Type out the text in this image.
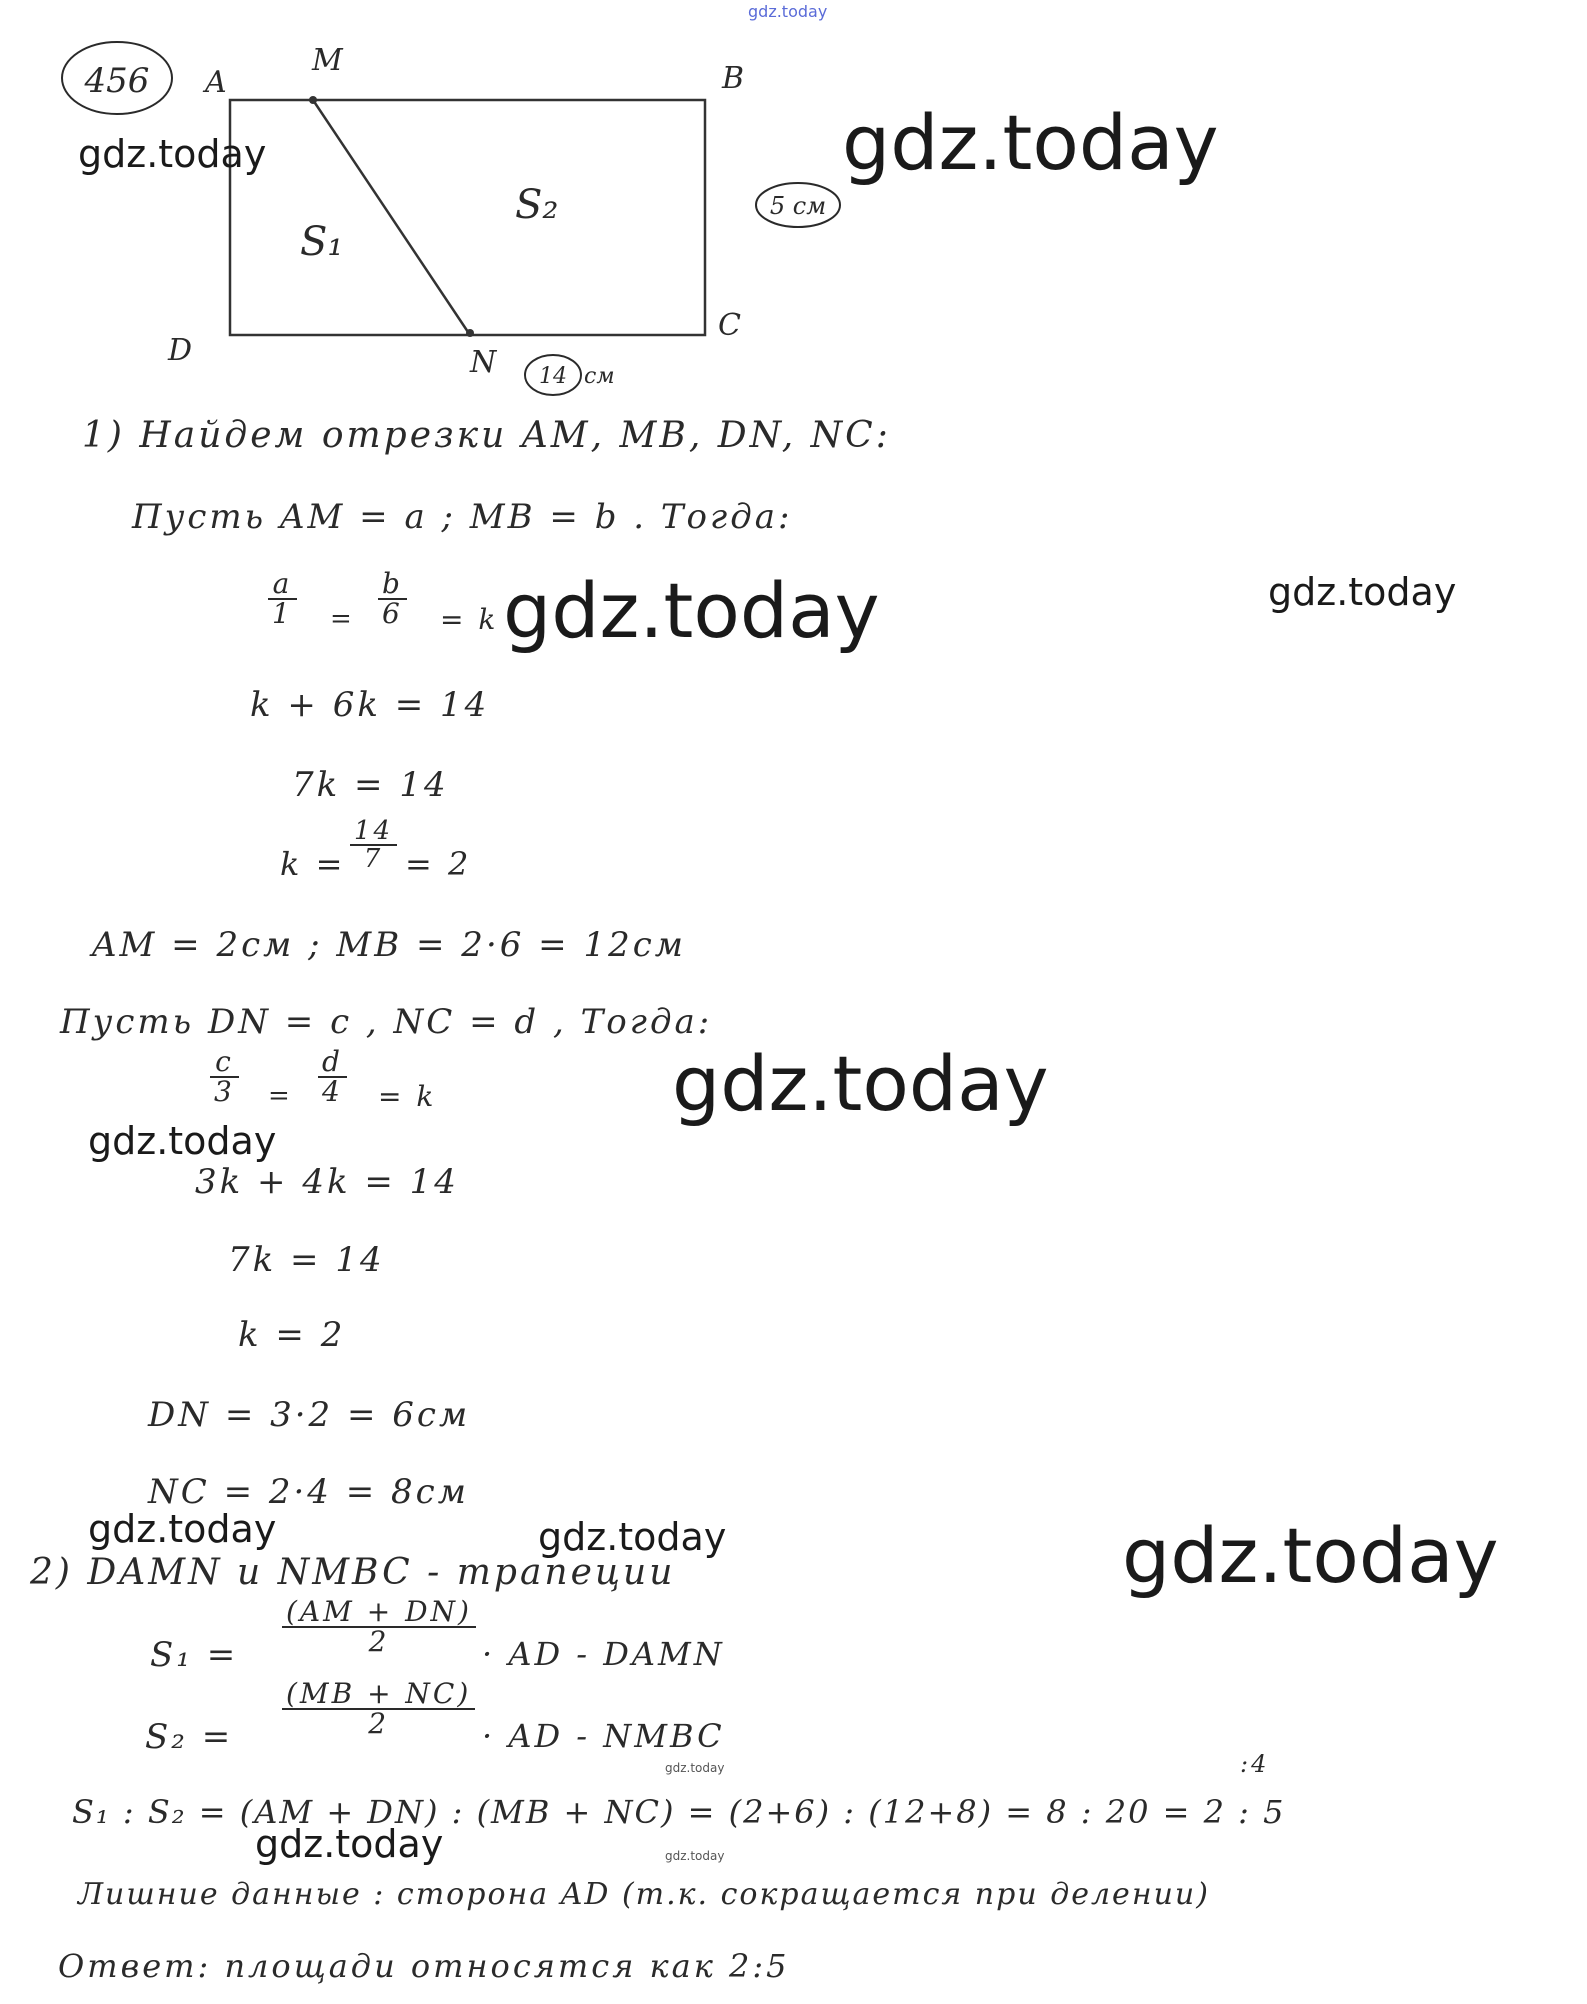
gdz.today
456 A
M
B
C
D	N
S₁
S₂	5 см
14 см
gdz.today	gdz.today
1) Найдем отрезки AM, MB, DN, NC:
Пусть AM = a ; MB = b . Тогда:
$\frac{a}{1} = \frac{b}{6} = k$ gdz.today	gdz.today
k + 6k = 14
7k = 14
$k = \frac{14}{7} = 2$
AM = 2см ; MB = 2·6 = 12см
Пусть DN = c , NC = d , Тогда:
$\frac{c}{3} = \frac{d}{4} = k$	gdz.today
gdz.today
3k + 4k = 14
7k = 14
k = 2
DN = 3·2 = 6см
NC = 2·4 = 8см
gdz.today	gdz.today	gdz.today
2) DAMN и NMBC - трапеции
$S_1 = \frac{(AM + DN)}{2}$ · AD - DAMN
$S_2 = \frac{(MB + NC)}{2}$ · AD - NMBC
gdz.today	:4
S₁ : S₂ = (AM + DN) : (MB + NC) = (2+6) : (12+8) = 8 : 20 = 2 : 5
gdz.today	gdz.today
Лишние данные : сторона AD (т.к. сокращается при делении)
Ответ: площади относятся как 2:5
